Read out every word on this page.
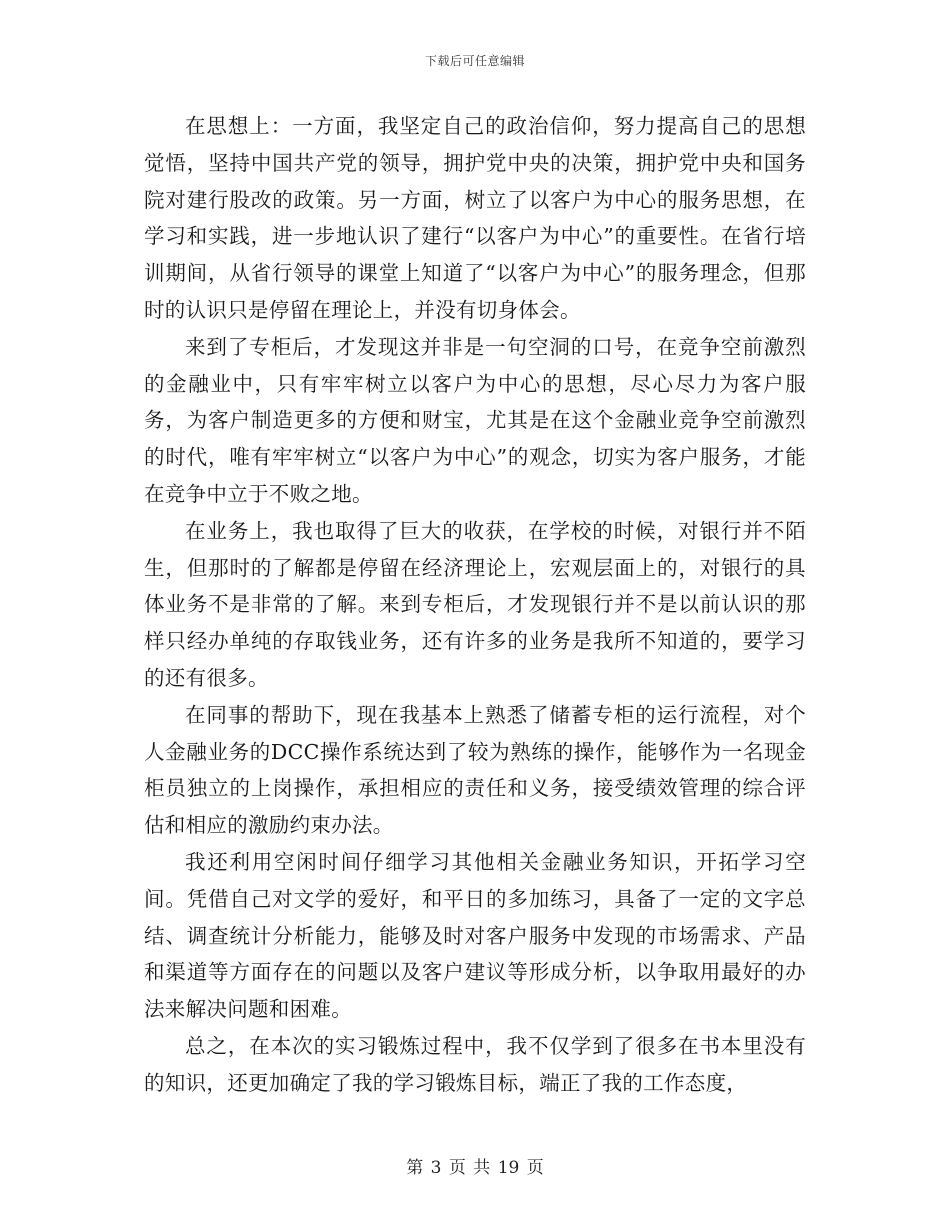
下载后可任意编辑

在思想上：一方面，我坚定自己的政治信仰，努力提高自己的思想觉悟，坚持中国共产党的领导，拥护党中央的决策，拥护党中央和国务院对建行股改的政策。另一方面，树立了以客户为中心的服务思想，在学习和实践，进一步地认识了建行“以客户为中心”的重要性。在省行培训期间，从省行领导的课堂上知道了“以客户为中心”的服务理念，但那时的认识只是停留在理论上，并没有切身体会。

来到了专柜后，才发现这并非是一句空洞的口号，在竞争空前激烈的金融业中，只有牢牢树立以客户为中心的思想，尽心尽力为客户服务，为客户制造更多的方便和财宝，尤其是在这个金融业竞争空前激烈的时代，唯有牢牢树立“以客户为中心”的观念，切实为客户服务，才能在竞争中立于不败之地。

在业务上，我也取得了巨大的收获，在学校的时候，对银行并不陌生，但那时的了解都是停留在经济理论上，宏观层面上的，对银行的具体业务不是非常的了解。来到专柜后，才发现银行并不是以前认识的那样只经办单纯的存取钱业务，还有许多的业务是我所不知道的，要学习的还有很多。

在同事的帮助下，现在我基本上熟悉了储蓄专柜的运行流程，对个人金融业务的DCC操作系统达到了较为熟练的操作，能够作为一名现金柜员独立的上岗操作，承担相应的责任和义务，接受绩效管理的综合评估和相应的激励约束办法。

我还利用空闲时间仔细学习其他相关金融业务知识，开拓学习空间。凭借自己对文学的爱好，和平日的多加练习，具备了一定的文字总结、调查统计分析能力，能够及时对客户服务中发现的市场需求、产品和渠道等方面存在的问题以及客户建议等形成分析，以争取用最好的办法来解决问题和困难。

总之，在本次的实习锻炼过程中，我不仅学到了很多在书本里没有的知识，还更加确定了我的学习锻炼目标，端正了我的工作态度，

第 3 页 共 19 页
